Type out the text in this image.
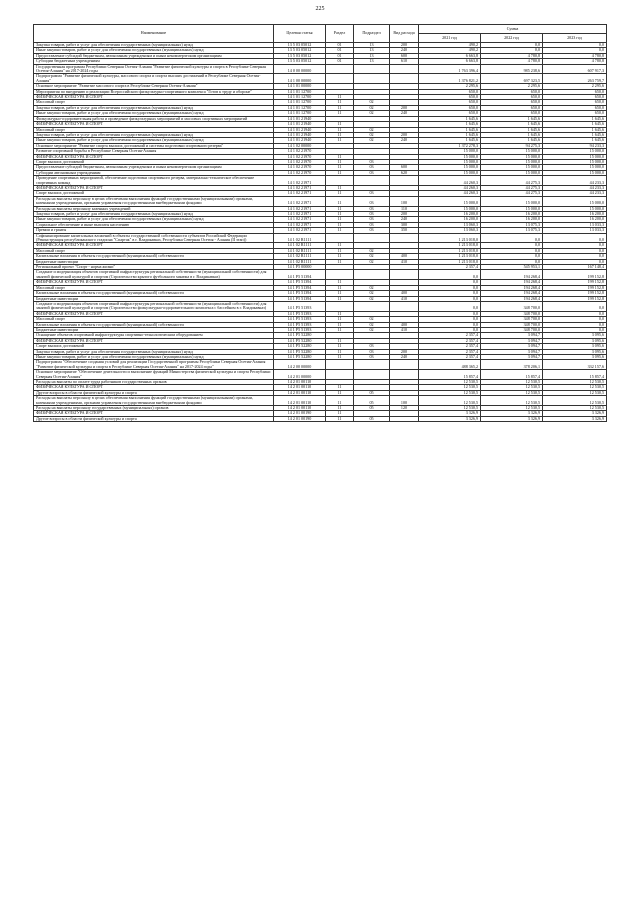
225
Наименование	Целевая статья	Раздел	Подраздел	Вид расхода	Сумма		
					2021 год	2022 год	2023 год
Закупка товаров, работ и услуг для обеспечения государственных (муниципальных) нужд	13 5 03 05012	01	13	200	490,2	0,0	0,0
Иные закупки товаров, работ и услуг для обеспечения государственных (муниципальных) нужд	13 5 03 05012	01	13	240	490,2	0,0	0,0
Предоставление субсидий бюджетным, автономным учреждениям и иным некоммерческим организациям	13 5 03 05012	01	13	600	6 663,8	4 780,8	4 780,8
Субсидии бюджетным учреждениям	13 5 03 05012	01	13	610	6 663,8	4 780,8	4 780,8
Государственная программа Республики Северная Осетия-Алания "Развитие физической культуры и спорта в Республике Северная Осетия-Алания" на 2017-2024 годы	14 0 00 00000				1 763 396,4	985 238,6	607 917,3
Подпрограмма "Развитие физической культуры, массового спорта и спорта высших достижений в Республике Северная Осетия-Алания"	14 1 00 00000				1 376 821,2	697 323,5	263 759,7
Основное мероприятие "Развитие массового спорта в Республике Северная Осетия-Алания"	14 1 01 00000				2 295,6	2 295,6	2 295,6
Мероприятия по внедрению и реализации Всероссийского физкультурно-спортивного комплекса "Готов к труду и обороне"	14 1 01 12700				650,0	650,0	650,0
ФИЗИЧЕСКАЯ КУЛЬТУРА И СПОРТ	14 1 01 12700	11			650,0	650,0	650,0
Массовый спорт	14 1 01 12700	11	02		650,0	650,0	650,0
Закупка товаров, работ и услуг для обеспечения государственных (муниципальных) нужд	14 1 01 12700	11	02	200	650,0	650,0	650,0
Иные закупки товаров, работ и услуг для обеспечения государственных (муниципальных) нужд	14 1 01 12700	11	02	240	650,0	650,0	650,0
Физкультурно-оздоровительная работа и проведение физкультурных мероприятий и массовых спортивных мероприятий	14 1 01 21940				1 645,6	1 645,6	1 645,6
ФИЗИЧЕСКАЯ КУЛЬТУРА И СПОРТ	14 1 01 21940	11			1 645,6	1 645,6	1 645,6
Массовый спорт	14 1 01 21940	11	02		1 645,6	1 645,6	1 645,6
Закупка товаров, работ и услуг для обеспечения государственных (муниципальных) нужд	14 1 01 21940	11	02	200	1 645,6	1 645,6	1 645,6
Иные закупки товаров, работ и услуг для обеспечения государственных (муниципальных) нужд	14 1 01 21940	11	02	240	1 645,6	1 645,6	1 645,6
Основное мероприятие "Развитие спорта высших достижений и системы подготовки спортивного резерва"	14 1 02 00000				1 372 278,3	94 275,3	94 233,3
Развитие спортивной борьбы в Республике Северная Осетия-Алания	14 1 02 21970				15 000,0	15 000,0	15 000,0
ФИЗИЧЕСКАЯ КУЛЬТУРА И СПОРТ	14 1 02 21970	11			15 000,0	15 000,0	15 000,0
Спорт высших достижений	14 1 02 21970	11	03		15 000,0	15 000,0	15 000,0
Предоставление субсидий бюджетным, автономным учреждениям и иным некоммерческим организациям	14 1 02 21970	11	03	600	15 000,0	15 000,0	15 000,0
Субсидии автономным учреждениям	14 1 02 21970	11	03	620	15 000,0	15 000,0	15 000,0
Проведение спортивных мероприятий, обеспечение подготовки спортивного резерва, материально-техническое обеспечение спортивных команд	14 1 02 21971				44 260,3	44 275,3	44 233,3
ФИЗИЧЕСКАЯ КУЛЬТУРА И СПОРТ	14 1 02 21971	11			44 260,3	44 275,3	44 233,3
Спорт высших достижений	14 1 02 21971	11	03		44 260,3	44 275,3	44 233,3
Расходы на выплаты персоналу в целях обеспечения выполнения функций государственными (муниципальными) органами, казенными учреждениями, органами управления государственными внебюджетными фондами	14 1 02 21971	11	03	100	15 000,0	15 000,0	15 000,0
Расходы на выплаты персоналу казенных учреждений	14 1 02 21971	11	03	110	15 000,0	15 000,0	15 000,0
Закупка товаров, работ и услуг для обеспечения государственных (муниципальных) нужд	14 1 02 21971	11	03	200	16 200,0	16 200,0	16 200,0
Иные закупки товаров, работ и услуг для обеспечения государственных (муниципальных) нужд	14 1 02 21971	11	03	240	16 200,0	16 200,0	16 200,0
Социальное обеспечение и иные выплаты населению	14 1 02 21971	11	03	300	13 060,3	13 075,3	13 033,3
Премии и гранты	14 1 02 21971	11	03	350	13 060,3	13 075,3	13 033,3
Софинансирование капитальных вложений в объекты государственной собственности субъектов Российской Федерации (Реконструкция республиканского стадиона "Спартак" в г. Владикавказ, Республика Северная Осетия - Алания (II этап))	14 1 02 R1111				1 213 018,0	0,0	0,0
ФИЗИЧЕСКАЯ КУЛЬТУРА И СПОРТ	14 1 02 R1111	11			1 213 018,0	0,0	0,0
Массовый спорт	14 1 02 R1111	11	02		1 213 018,0	0,0	0,0
Капитальные вложения в объекты государственной (муниципальной) собственности	14 1 02 R1111	11	02	400	1 213 018,0	0,0	0,0
Бюджетные инвестиции	14 1 02 R1111	11	02	410	1 213 018,0	0,0	0,0
Региональный проект "Спорт - норма жизни"	14 1 P5 00000				2 357,4	545 953,1	167 148,4
Создание и модернизация объектов спортивной инфраструктуры региональной собственности (муниципальной собственности) для занятий физической культурой и спортом (Строительство крытого футбольного манежа в г. Владикавказ)	14 1 P5 51394				0,0	194 268,4	199 152,8
ФИЗИЧЕСКАЯ КУЛЬТУРА И СПОРТ	14 1 P5 51394	11			0,0	194 268,4	199 152,8
Массовый спорт	14 1 P5 51394	11	02		0,0	194 268,4	199 152,8
Капитальные вложения в объекты государственной (муниципальной) собственности	14 1 P5 51394	11	02	400	0,0	194 268,4	199 152,8
Бюджетные инвестиции	14 1 P5 51394	11	02	410	0,0	194 268,4	199 152,8
Создание и модернизация объектов спортивной инфраструктуры региональной собственности (муниципальной собственности) для занятий физической культурой и спортом (Строительство физкультурно-оздоровительного комплекса с бассейном в г. Владикавказ)	14 1 P5 51393				0,0	348 700,0	0,0
ФИЗИЧЕСКАЯ КУЛЬТУРА И СПОРТ	14 1 P5 51393	11			0,0	348 700,0	0,0
Массовый спорт	14 1 P5 51393	11	02		0,0	348 700,0	0,0
Капитальные вложения в объекты государственной (муниципальной) собственности	14 1 P5 51393	11	02	400	0,0	348 700,0	0,0
Бюджетные инвестиции	14 1 P5 51393	11	02	410	0,0	348 700,0	0,0
Оснащение объектов спортивной инфраструктуры спортивно-технологическим оборудованием	14 1 P5 52280				2 357,4	3 094,7	3 095,6
ФИЗИЧЕСКАЯ КУЛЬТУРА И СПОРТ	14 1 P5 52280	11			2 357,4	3 094,7	3 095,6
Спорт высших достижений	14 1 P5 52280	11	03		2 357,4	3 094,7	3 095,6
Закупка товаров, работ и услуг для обеспечения государственных (муниципальных) нужд	14 1 P5 52280	11	03	200	2 357,4	3 094,7	3 095,6
Иные закупки товаров, работ и услуг для обеспечения государственных (муниципальных) нужд	14 1 P5 52280	11	03	240	2 357,4	3 094,7	3 095,6
Подпрограмма "Обеспечение создания условий для реализации Государственной программы Республики Северная Осетия-Алания "Развитие физической культуры и спорта в Республике Северная Осетия-Алания" на 2017-2024 годы"	14 2 00 00000				488 365,2	378 206,1	332 157,6
Основное мероприятие "Обеспечение деятельности и выполнение функций Министерства физической культуры и спорта Республики Северная Осетия-Алания"	14 2 01 00000				15 857,4	15 857,4	15 857,4
Расходы на выплаты по оплате труда работников государственных органов	14 2 01 00110				12 530,5	12 530,5	12 530,5
ФИЗИЧЕСКАЯ КУЛЬТУРА И СПОРТ	14 2 01 00110	11			12 530,5	12 530,5	12 530,5
Другие вопросы в области физической культуры и спорта	14 2 01 00110	11	05		12 530,5	12 530,5	12 530,5
Расходы на выплаты персоналу в целях обеспечения выполнения функций государственными (муниципальными) органами, казенными учреждениями, органами управления государственными внебюджетными фондами	14 2 01 00110	11	05	100	12 530,5	12 530,5	12 530,5
Расходы на выплаты персоналу государственных (муниципальных) органов	14 2 01 00110	11	05	120	12 530,5	12 530,5	12 530,5
ФИЗИЧЕСКАЯ КУЛЬТУРА И СПОРТ	14 2 01 00190	11			3 326,9	3 326,9	3 326,9
Другие вопросы в области физической культуры и спорта	14 2 01 00190	11	05		3 326,9	3 326,9	3 326,9
